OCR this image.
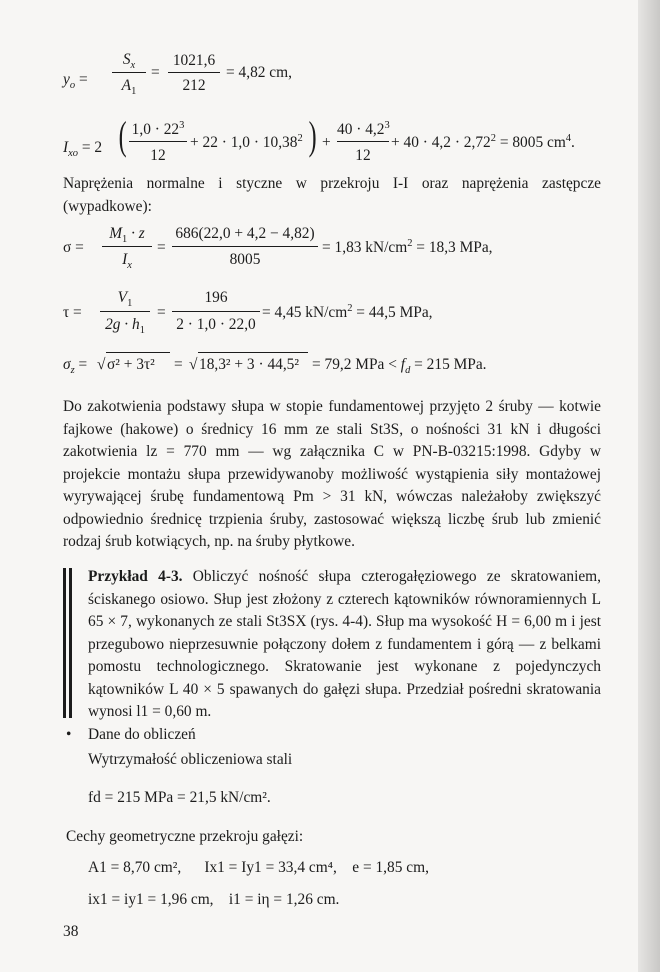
$y_o$ =
$S_x$
$A_1$
=
1021,6
212
= 4,82 cm,
$I_{xo} = 2$ ( $1,0 \cdot 22^3$
12
+ $22 \cdot 1,0 \cdot 10,38^2$ ) +
$40 \cdot 4,2^3$
12
+ $40 \cdot 4,2 \cdot 2,72^2 = 8005$ $cm^4$.
Naprężenia normalne i styczne w przekroju I-I oraz naprężenia zastępcze (wypadkowe):
σ =
$M_1 \cdot z$
$I_x$
=
686(22,0 + 4,2 − 4,82)
8005
= 1,83 $kN/cm^2 = 18,3$ MPa,
τ =
$V_1$
$2g \cdot h_1$
=
196
2 · 1,0 · 22,0
= 4,45 $kN/cm^2 = 44,5$ MPa,
$\sigma_z$ = √ σ² + 3τ² = √ 18,3² + 3 · 44,5² = 79,2 MPa < $f_d = 215$ MPa.
Do zakotwienia podstawy słupa w stopie fundamentowej przyjęto 2 śruby — kotwie fajkowe (hakowe) o średnicy 16 mm ze stali St3S, o nośności 31 kN i długości zakotwienia lz = 770 mm — wg załącznika C w PN-B-03215:1998. Gdyby w projekcie montażu słupa przewidywanoby możliwość wystąpienia siły montażowej wyrywającej śrubę fundamentową Pm > 31 kN, wówczas należałoby zwiększyć odpowiednio średnicę trzpienia śruby, zastosować większą liczbę śrub lub zmienić rodzaj śrub kotwiących, np. na śruby płytkowe.
Przykład 4-3. Obliczyć nośność słupa czterogałęziowego ze skratowaniem, ściskanego osiowo. Słup jest złożony z czterech kątowników równoramiennych L 65 × 7, wykonanych ze stali St3SX (rys. 4-4). Słup ma wysokość H = 6,00 m i jest przegubowo nieprzesuwnie połączony dołem z fundamentem i górą — z belkami pomostu technologicznego. Skratowanie jest wykonane z pojedynczych kątowników L 40 × 5 spawanych do gałęzi słupa. Przedział pośredni skratowania wynosi l1 = 0,60 m.
• Dane do obliczeń
Wytrzymałość obliczeniowa stali
fd = 215 MPa = 21,5 kN/cm².
Cechy geometryczne przekroju gałęzi:
A1 = 8,70 cm²,      Ix1 = Iy1 = 33,4 cm⁴,    e = 1,85 cm,
ix1 = iy1 = 1,96 cm,    i1 = iη = 1,26 cm.
38
